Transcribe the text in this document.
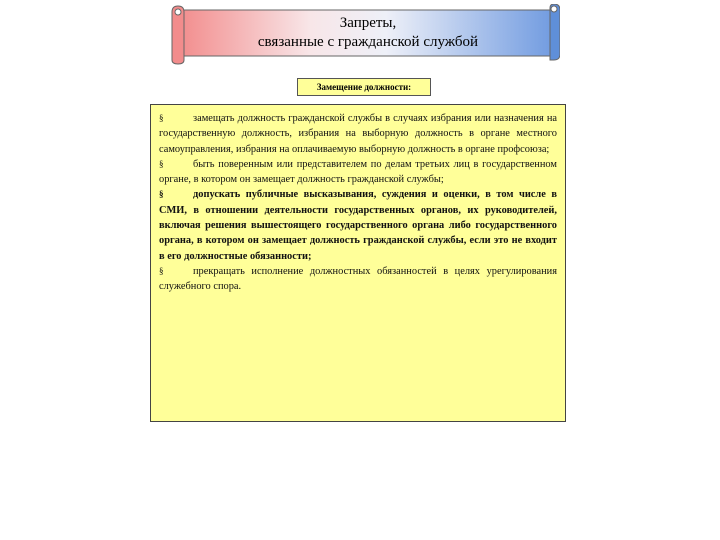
Запреты,
связанные с гражданской службой
Замещение должности:

§	замещать должность гражданской службы в случаях избрания или назначения на государственную должность, избрания на выборную должность в органе местного самоуправления, избрания на оплачиваемую выборную должность в органе профсоюза;

§	быть поверенным или представителем по делам третьих лиц в государственном органе, в котором он замещает должность гражданской службы;

§	допускать публичные высказывания, суждения и оценки, в том числе в СМИ, в отношении деятельности государственных органов, их руководителей, включая решения вышестоящего государственного органа либо государственного органа, в котором он замещает должность гражданской службы, если это не входит в его должностные обязанности;

§	прекращать исполнение должностных обязанностей в целях урегулирования служебного спора.
